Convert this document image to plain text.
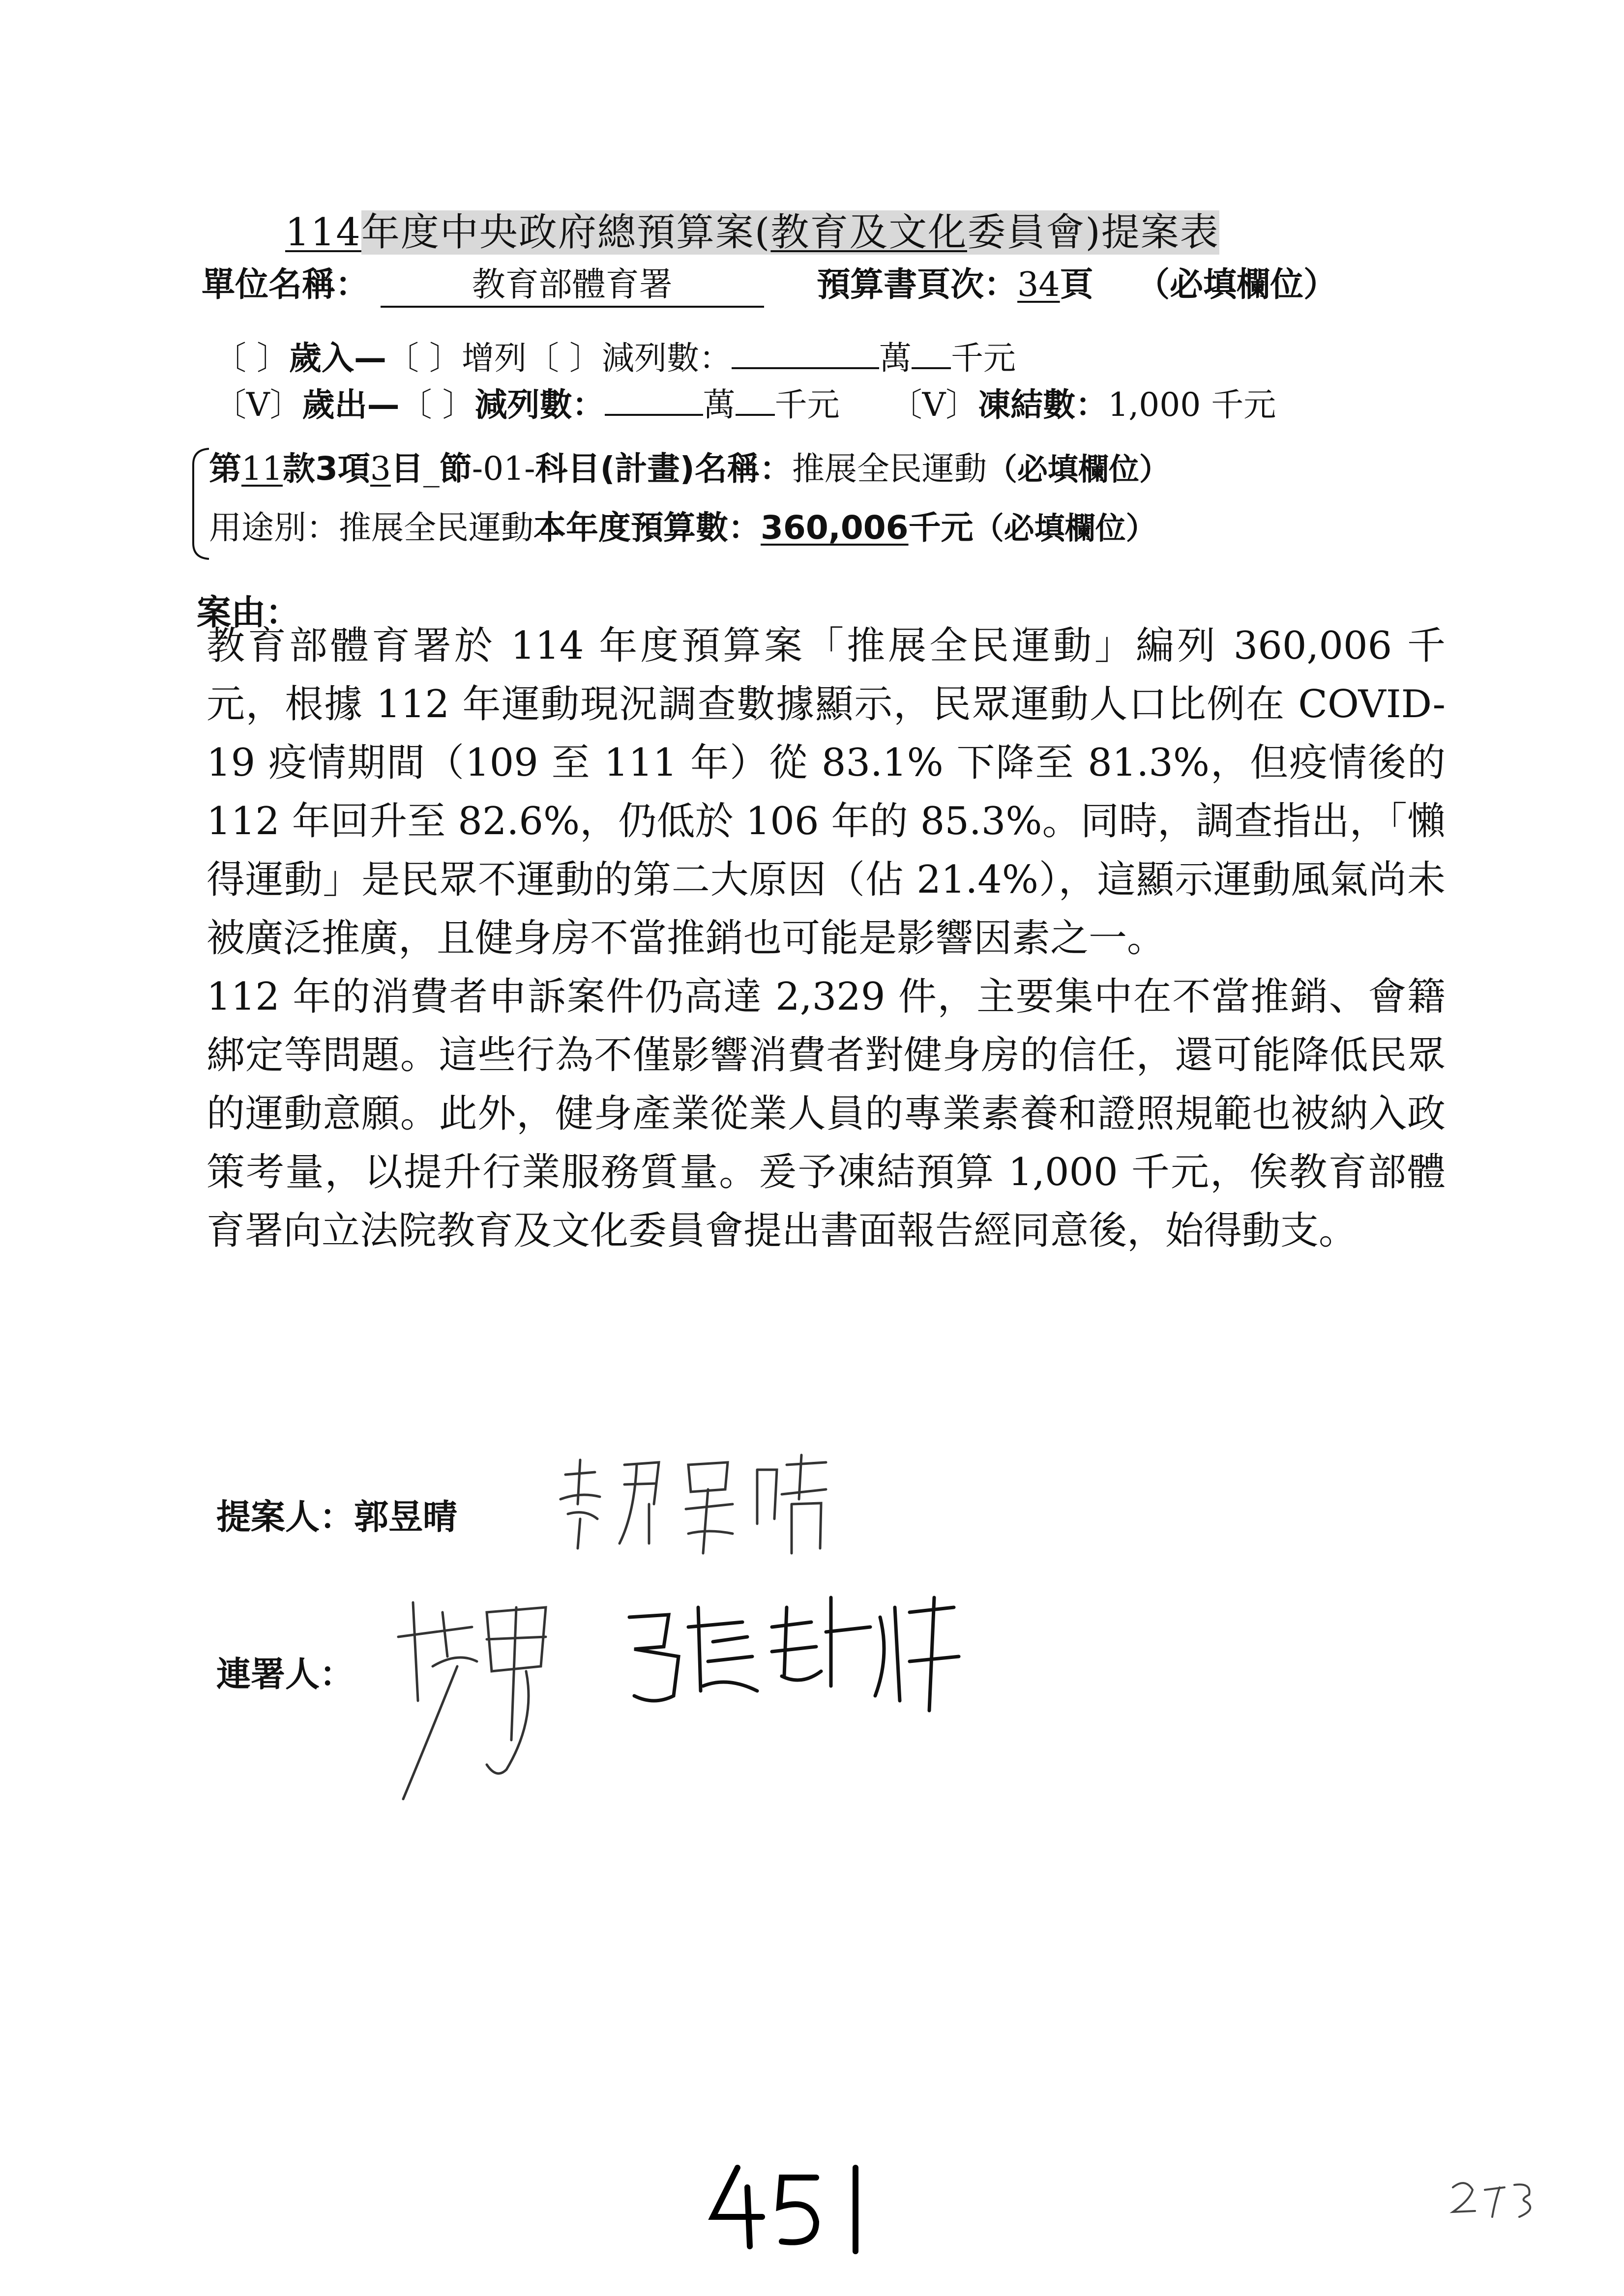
114年度中央政府總預算案(教育及文化委員會)提案表
單位名稱：	教育部體育署	預算書頁次：34頁 （必填欄位）
〔 〕歲入—〔 〕增列〔 〕減列數：	萬 千元
〔V〕歲出—〔 〕減列數：	萬 千元 〔V〕凍結數：1,000 千元
第11款3項3目_節-01-科目(計畫)名稱：推展全民運動（必填欄位）
用途別：推展全民運動本年度預算數：360,006千元（必填欄位）
案由：

教育部體育署於 114 年度預算案「推展全民運動」編列 360,006 千元，根據 112 年運動現況調查數據顯示，民眾運動人口比例在 COVID-19 疫情期間（109 至 111 年）從 83.1% 下降至 81.3%，但疫情後的 112 年回升至 82.6%，仍低於 106 年的 85.3%。同時，調查指出，「懶得運動」是民眾不運動的第二大原因（佔 21.4%），這顯示運動風氣尚未被廣泛推廣，且健身房不當推銷也可能是影響因素之一。

112 年的消費者申訴案件仍高達 2,329 件，主要集中在不當推銷、會籍綁定等問題。這些行為不僅影響消費者對健身房的信任，還可能降低民眾的運動意願。此外，健身產業從業人員的專業素養和證照規範也被納入政策考量，以提升行業服務質量。爰予凍結預算 1,000 千元，俟教育部體育署向立法院教育及文化委員會提出書面報告經同意後，始得動支。

提案人：郭昱晴
連署人：
